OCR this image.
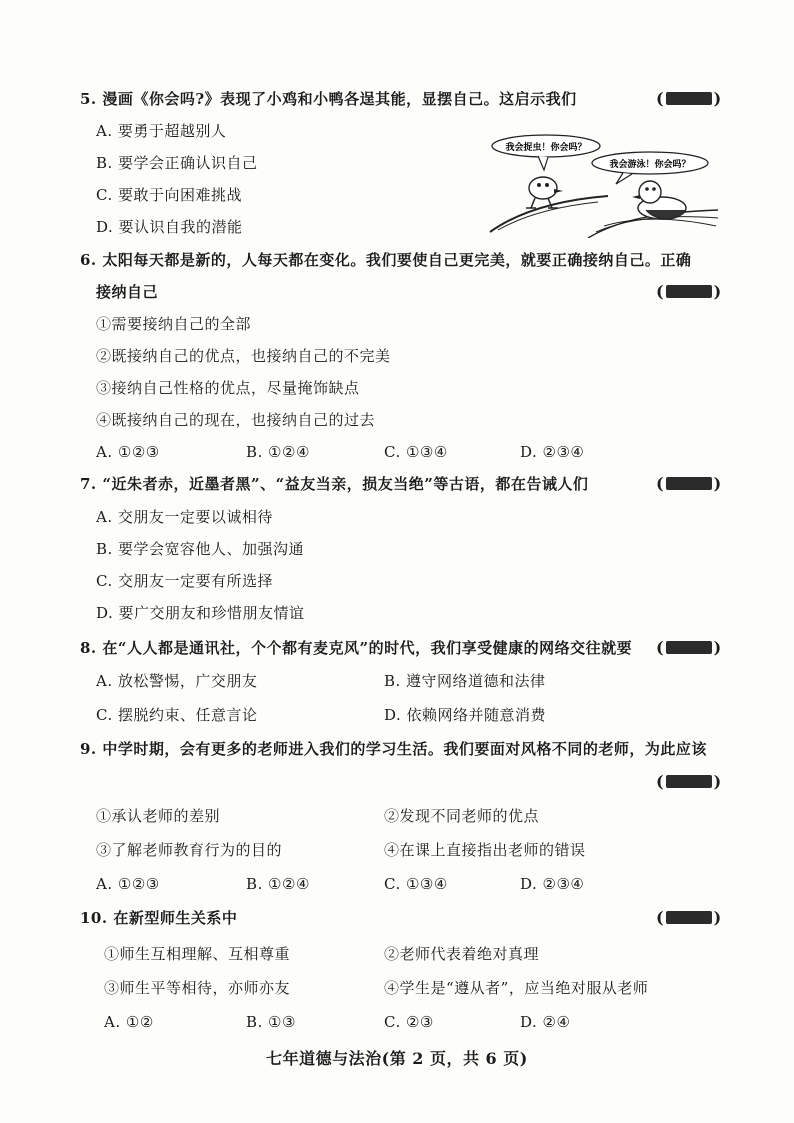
5. 漫画《你会吗?》表现了小鸡和小鸭各逞其能，显摆自己。这启示我们	(	)
A. 要勇于超越别人
B. 要学会正确认识自己
C. 要敢于向困难挑战
D. 要认识自我的潜能
我会捉虫！你会吗？
我会游泳！你会吗？
6. 太阳每天都是新的，人每天都在变化。我们要使自己更完美，就要正确接纳自己。正确
接纳自己	(	)
①需要接纳自己的全部
②既接纳自己的优点，也接纳自己的不完美
③接纳自己性格的优点，尽量掩饰缺点
④既接纳自己的现在，也接纳自己的过去
A. ①②③	B. ①②④	C. ①③④	D. ②③④
7. “近朱者赤，近墨者黑”、“益友当亲，损友当绝”等古语，都在告诫人们	(	)
A. 交朋友一定要以诚相待
B. 要学会宽容他人、加强沟通
C. 交朋友一定要有所选择
D. 要广交朋友和珍惜朋友情谊
8. 在“人人都是通讯社，个个都有麦克风”的时代，我们享受健康的网络交往就要 (	)
A. 放松警惕，广交朋友	B. 遵守网络道德和法律
C. 摆脱约束、任意言论	D. 依赖网络并随意消费
9. 中学时期，会有更多的老师进入我们的学习生活。我们要面对风格不同的老师，为此应该
(	)
①承认老师的差别	②发现不同老师的优点
③了解老师教育行为的目的	④在课上直接指出老师的错误
A. ①②③	B. ①②④	C. ①③④	D. ②③④
10. 在新型师生关系中	(	)
①师生互相理解、互相尊重	②老师代表着绝对真理
③师生平等相待，亦师亦友	④学生是“遵从者”，应当绝对服从老师
A. ①②	B. ①③	C. ②③	D. ②④
七年道德与法治(第 2 页，共 6 页)
